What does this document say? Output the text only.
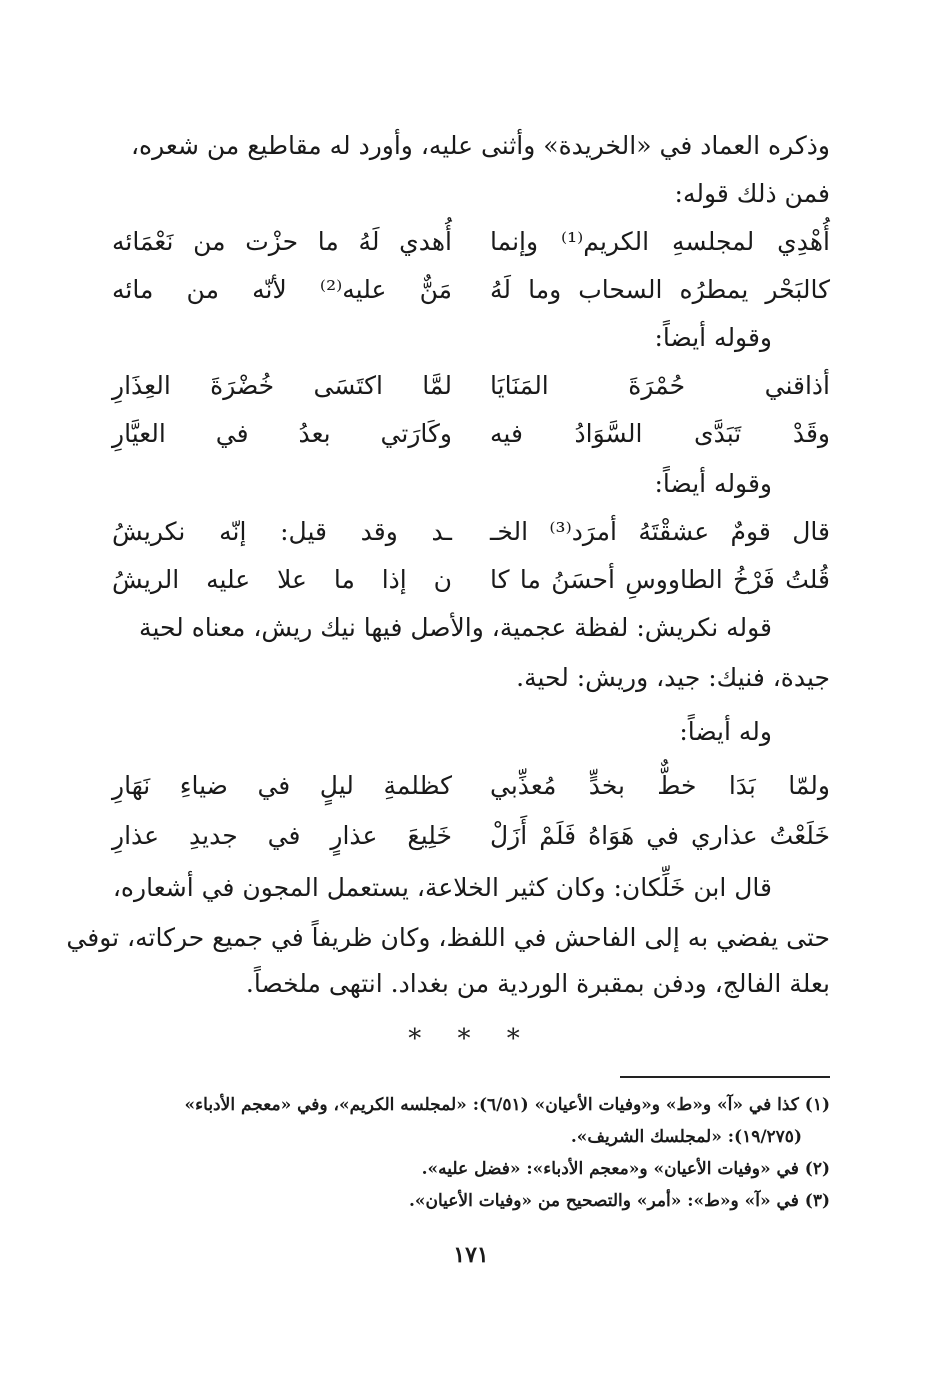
وذكره العماد في «الخريدة» وأثنى عليه، وأورد له مقاطيع من شعره،
فمن ذلك قوله:
أُهْدِي لمجلسهِ الكريم⁽¹⁾ وإنما
أُهدي لَهُ ما حزْت من نَعْمَائه
كالبَحْر يمطرُه السحاب وما لَهُ
مَنٌّ عليه⁽²⁾ لأنّه من مائه
وقوله أيضاً:
أذاقني حُمْرَةَ المَنَايَا
لمَّا اكتَسَى خُضْرَةَ العِذَارِ
وقَدْ تَبَدَّى السَّوَادُ فيه
وكَارَتي بعدُ في العيَّارِ
وقوله أيضاً:
قال قومٌ عشقْتَهُ أمرَد⁽³⁾ الخـ
ـد وقد قيل: إنّه نكريشُ
قُلتُ فَرْخُ الطاووسِ أحسَنُ ما كا
ن إذا ما علا عليه الريشُ
قوله نكريش: لفظة عجمية، والأصل فيها نيك ريش، معناه لحية
جيدة، فنيك: جيد، وريش: لحية.
وله أيضاً:
ولمّا بَدَا خطٌّ بخدٍّ مُعذِّبي
كظلمةِ ليلٍ في ضياءِ نَهَارِ
خَلَعْتُ عذاري في هَوَاهُ فَلَمْ أَزَلْ
خَلِيعَ عذارٍ في جديدِ عذارِ
قال ابن خَلِّكان: وكان كثير الخلاعة، يستعمل المجون في أشعاره،
حتى يفضي به إلى الفاحش في اللفظ، وكان ظريفاً في جميع حركاته، توفي
بعلة الفالج، ودفن بمقبرة الوردية من بغداد. انتهى ملخصاً.
* * *
(١) كذا في «آ» و«ط» و«وفيات الأعيان» (٦/٥١): «لمجلسه الكريم»، وفي «معجم الأدباء»
(١٩/٢٧٥): «لمجلسك الشريف».
(٢) في «وفيات الأعيان» و«معجم الأدباء»: «فضل عليه».
(٣) في «آ» و«ط»: «أمر» والتصحيح من «وفيات الأعيان».
١٧١
